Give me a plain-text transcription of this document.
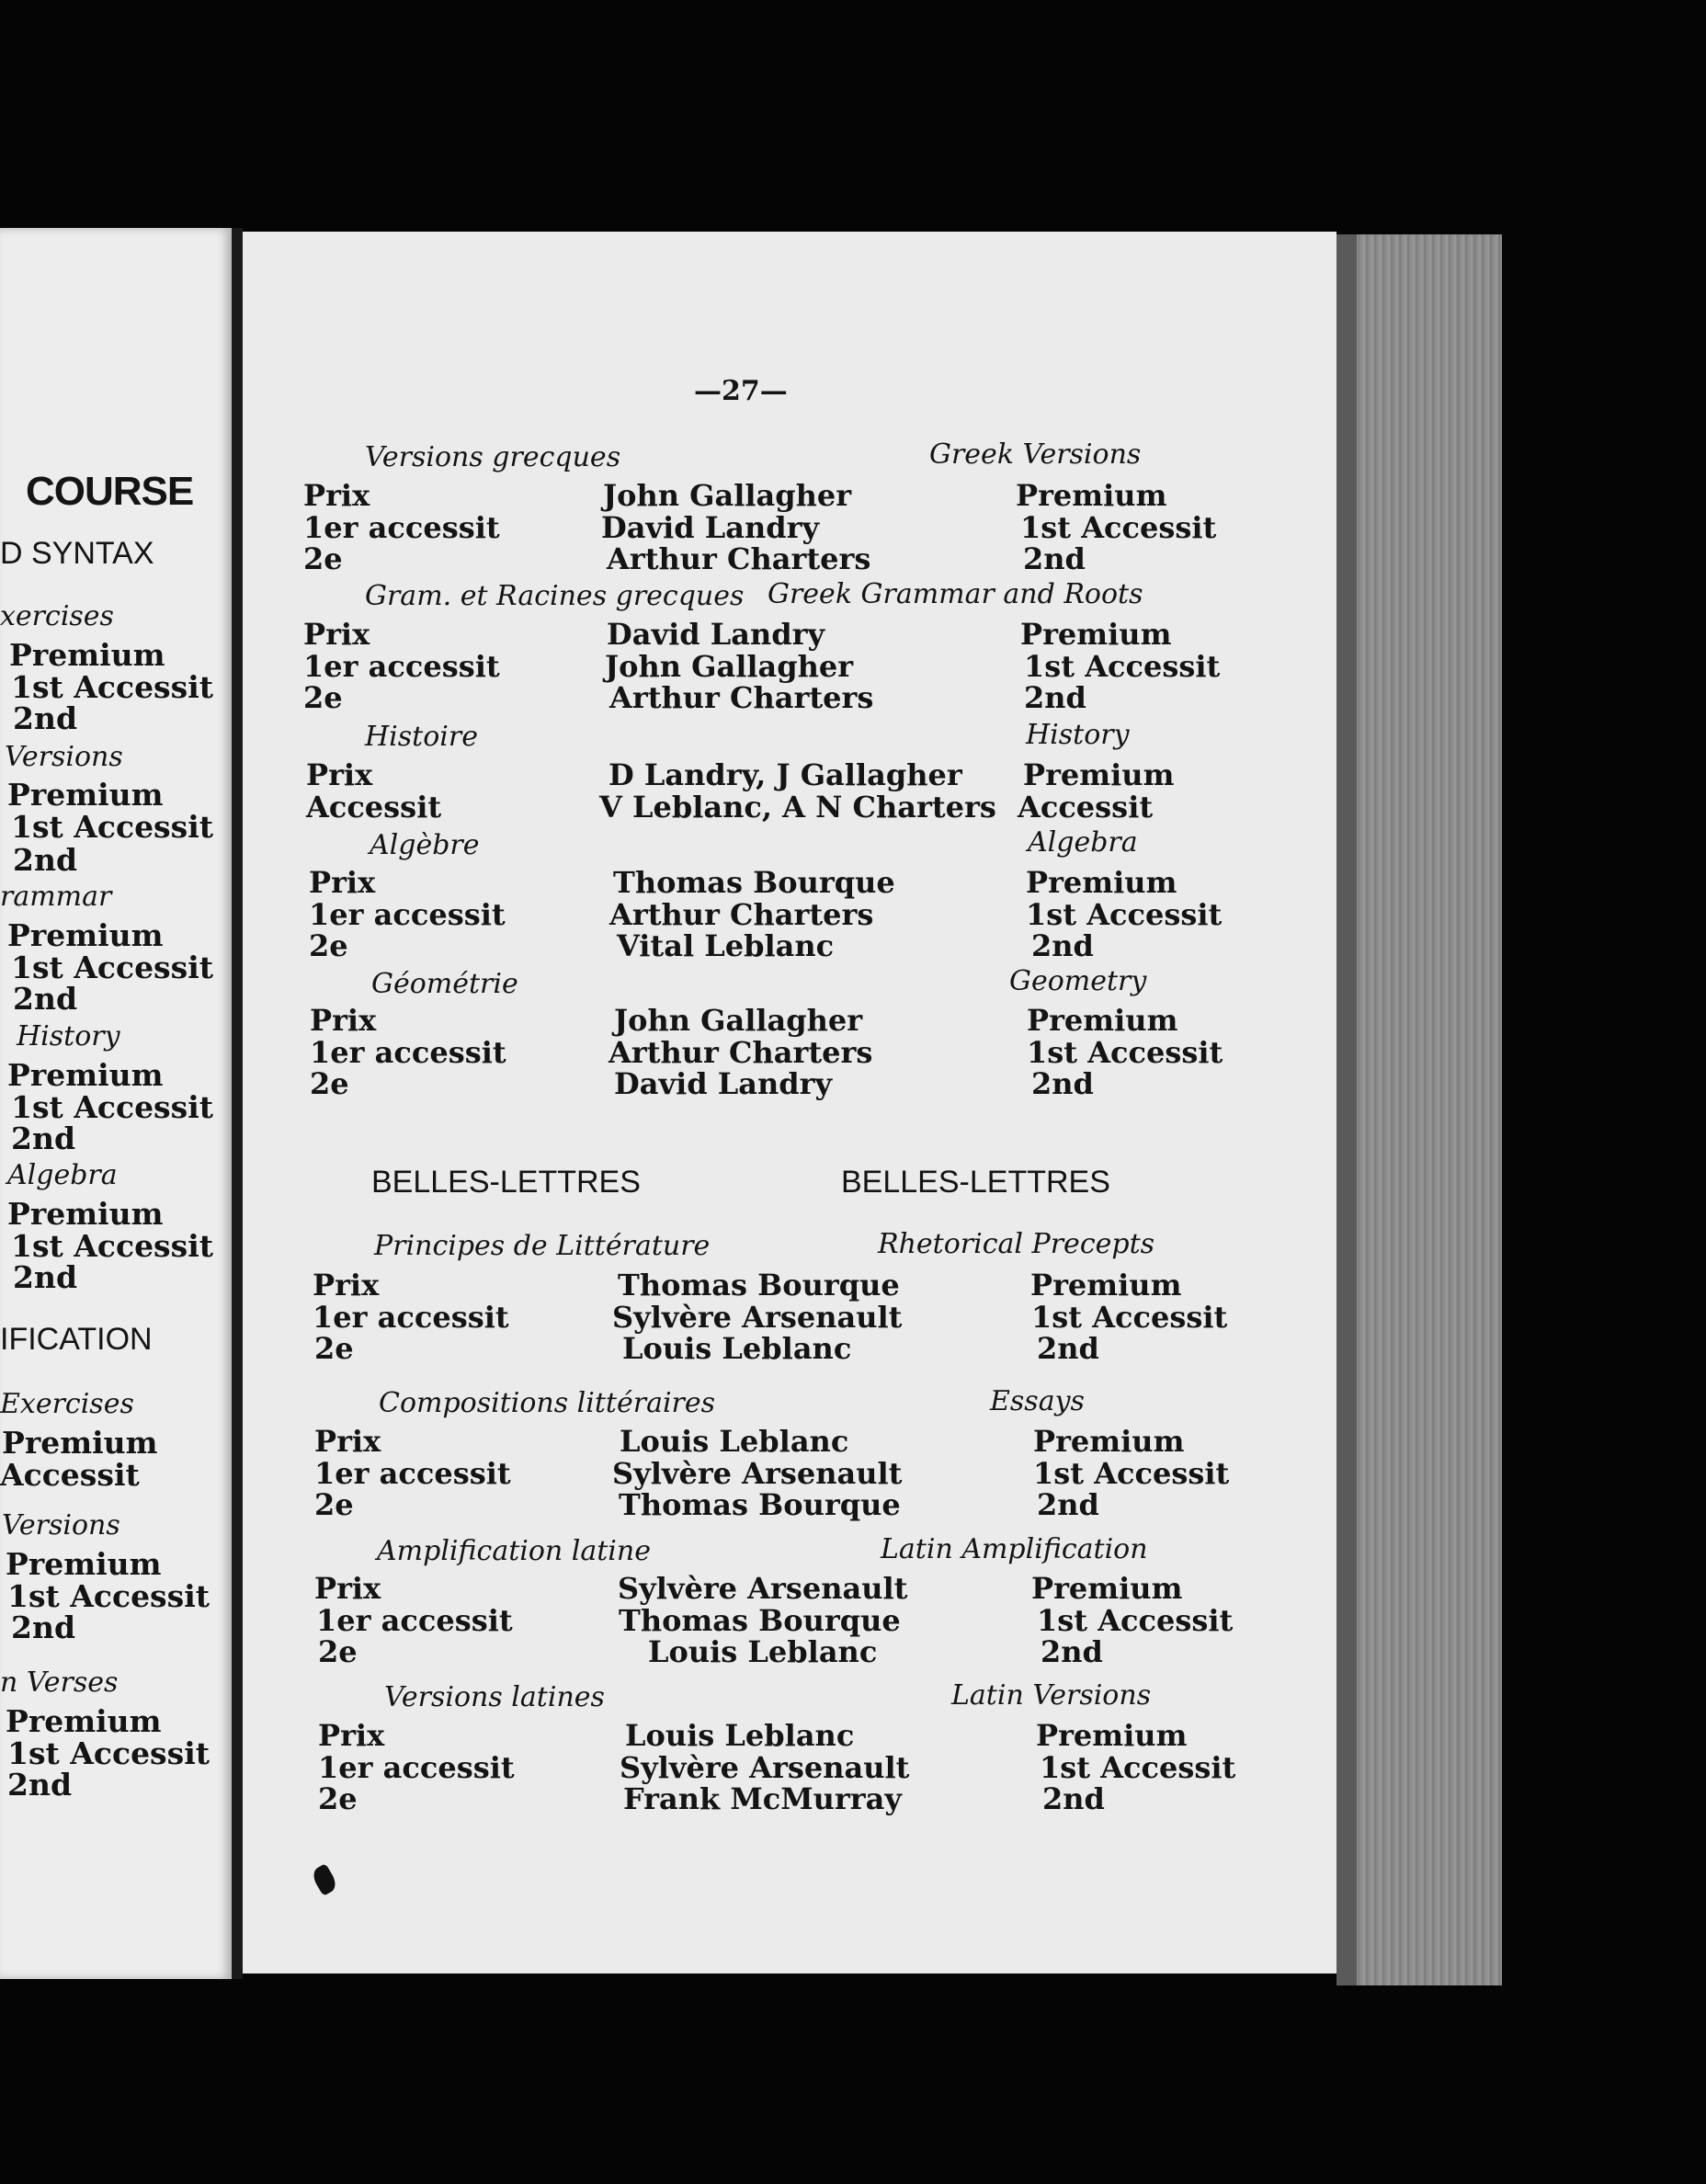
COURSE
D SYNTAX
xercises
Premium
1st Accessit
2nd
Versions
Premium
1st Accessit
2nd
rammar
Premium
1st Accessit
2nd
History
Premium
1st Accessit
2nd
Algebra
Premium
1st Accessit
2nd
IFICATION
Exercises
Premium
Accessit
Versions
Premium
1st Accessit
2nd
n Verses
Premium
1st Accessit
2nd
—27—
Versions grecques	Greek Versions
Prix	John Gallagher	Premium
1er accessit	David Landry	1st Accessit
2e	Arthur Charters	2nd
Gram. et Racines grecques Greek Grammar and Roots
Prix	David Landry	Premium
1er accessit	John Gallagher	1st Accessit
2e	Arthur Charters	2nd
Histoire	History
Prix	D Landry, J Gallagher Premium
Accessit	V Leblanc, A N Charters Accessit
Algèbre	Algebra
Prix	Thomas Bourque	Premium
1er accessit	Arthur Charters	1st Accessit
2e	Vital Leblanc	2nd
Géométrie	Geometry
Prix	John Gallagher	Premium
1er accessit	Arthur Charters	1st Accessit
2e	David Landry	2nd
BELLES-LETTRES	BELLES-LETTRES
Principes de Littérature	Rhetorical Precepts
Prix	Thomas Bourque	Premium
1er accessit	Sylvère Arsenault	1st Accessit
2e	Louis Leblanc	2nd
Compositions littéraires	Essays
Prix	Louis Leblanc	Premium
1er accessit	Sylvère Arsenault	1st Accessit
2e	Thomas Bourque	2nd
Amplification latine	Latin Amplification
Prix	Sylvère Arsenault	Premium
1er accessit	Thomas Bourque	1st Accessit
2e	Louis Leblanc	2nd
Versions latines	Latin Versions
Prix	Louis Leblanc	Premium
1er accessit	Sylvère Arsenault	1st Accessit
2e	Frank McMurray	2nd
